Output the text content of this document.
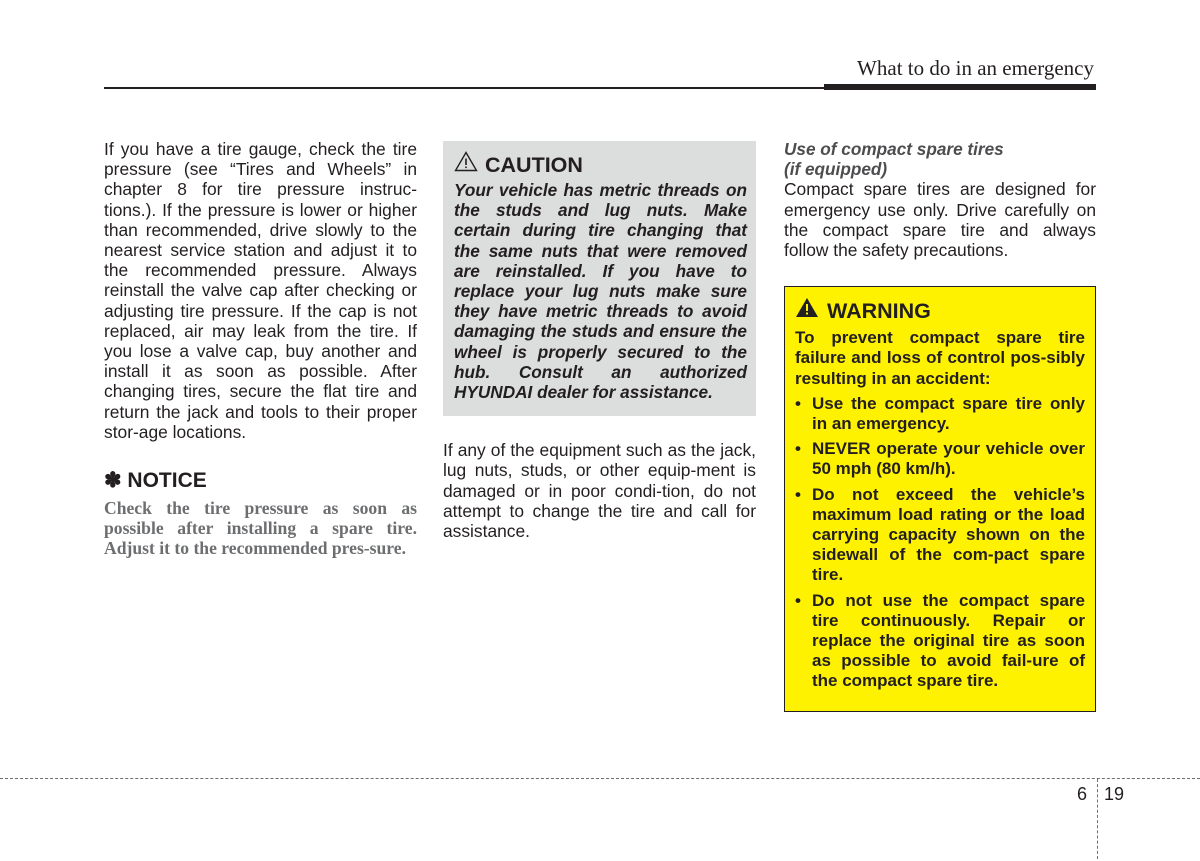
What to do in an emergency

If you have a tire gauge, check the tire pressure (see “Tires and Wheels” in chapter 8 for tire pressure instruc-tions.). If the pressure is lower or higher than recommended, drive slowly to the nearest service station and adjust it to the recommended pressure. Always reinstall the valve cap after checking or adjusting tire pressure. If the cap is not replaced, air may leak from the tire. If you lose a valve cap, buy another and install it as soon as possible. After changing tires, secure the flat tire and return the jack and tools to their proper stor-age locations.

✽ NOTICE

Check the tire pressure as soon as possible after installing a spare tire. Adjust it to the recommended pres-sure.

CAUTION

Your vehicle has metric threads on the studs and lug nuts. Make certain during tire changing that the same nuts that were removed are reinstalled. If you have to replace your lug nuts make sure they have metric threads to avoid damaging the studs and ensure the wheel is properly secured to the hub. Consult an authorized HYUNDAI dealer for assistance.

If any of the equipment such as the jack, lug nuts, studs, or other equip-ment is damaged or in poor condi-tion, do not attempt to change the tire and call for assistance.

Use of compact spare tires
(if equipped)

Compact spare tires are designed for emergency use only. Drive carefully on the compact spare tire and always follow the safety precautions.

WARNING

To prevent compact spare tire failure and loss of control pos-sibly resulting in an accident:

• Use the compact spare tire only in an emergency.
• NEVER operate your vehicle over 50 mph (80 km/h).
• Do not exceed the vehicle’s maximum load rating or the load carrying capacity shown on the sidewall of the com-pact spare tire.
• Do not use the compact spare tire continuously. Repair or replace the original tire as soon as possible to avoid fail-ure of the compact spare tire.
6 19
